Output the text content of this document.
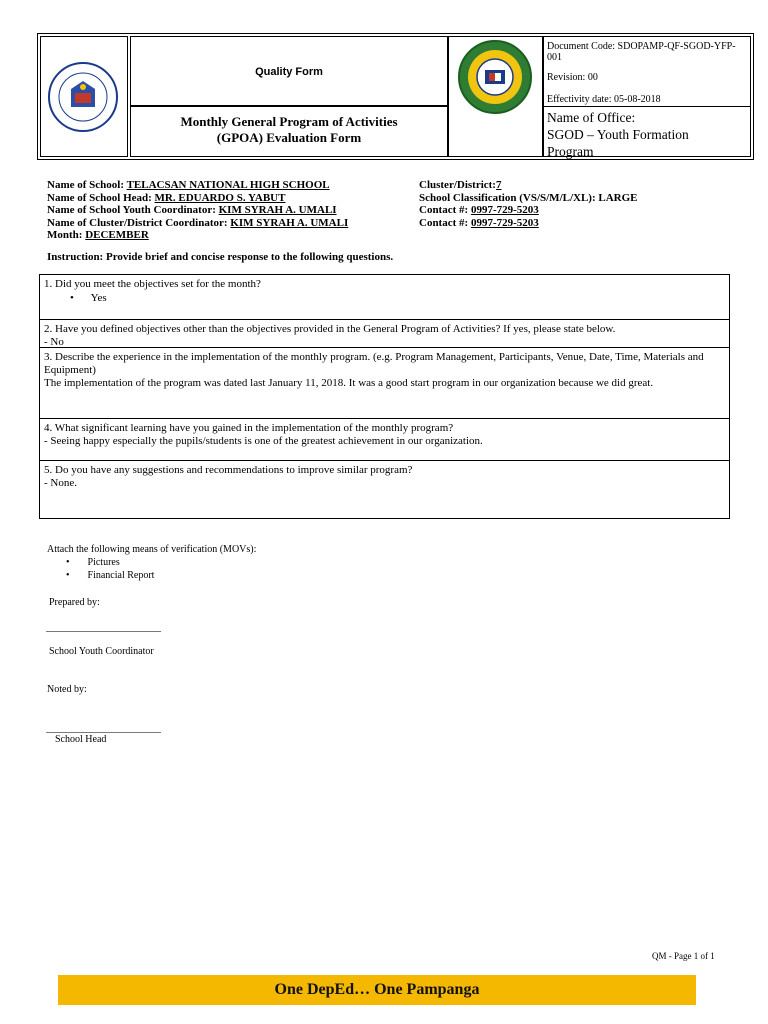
Quality Form
Monthly General Program of Activities
(GPOA) Evaluation Form
Document Code: SDOPAMP-QF-SGOD-YFP-001
Revision: 00
Effectivity date: 05-08-2018
Name of Office:
SGOD – Youth Formation Program
Name of School: TELACSAN NATIONAL HIGH SCHOOL
Name of School Head: MR. EDUARDO S. YABUT
Name of School Youth Coordinator: KIM SYRAH A. UMALI
Name of Cluster/District Coordinator: KIM SYRAH A. UMALI
Month: DECEMBER
Cluster/District:7
School Classification (VS/S/M/L/XL): LARGE
Contact #: 0997-729-5203
Contact #: 0997-729-5203
Instruction: Provide brief and concise response to the following questions.
1. Did you meet the objectives set for the month?
• Yes
2. Have you defined objectives other than the objectives provided in the General Program of Activities? If yes, please state below.
- No
3. Describe the experience in the implementation of the monthly program. (e.g. Program Management, Participants, Venue, Date, Time, Materials and Equipment)
The implementation of the program was dated last January 11, 2018. It was a good start program in our organization because we did great.
4. What significant learning have you gained in the implementation of the monthly program?
- Seeing happy especially the pupils/students is one of the greatest achievement in our organization.
5. Do you have any suggestions and recommendations to improve similar program?
- None.
Attach the following means of verification (MOVs):
• Pictures
• Financial Report
Prepared by:
_______________________
School Youth Coordinator
Noted by:
_______________________
School Head
QM - Page 1 of 1
One DepEd… One Pampanga
